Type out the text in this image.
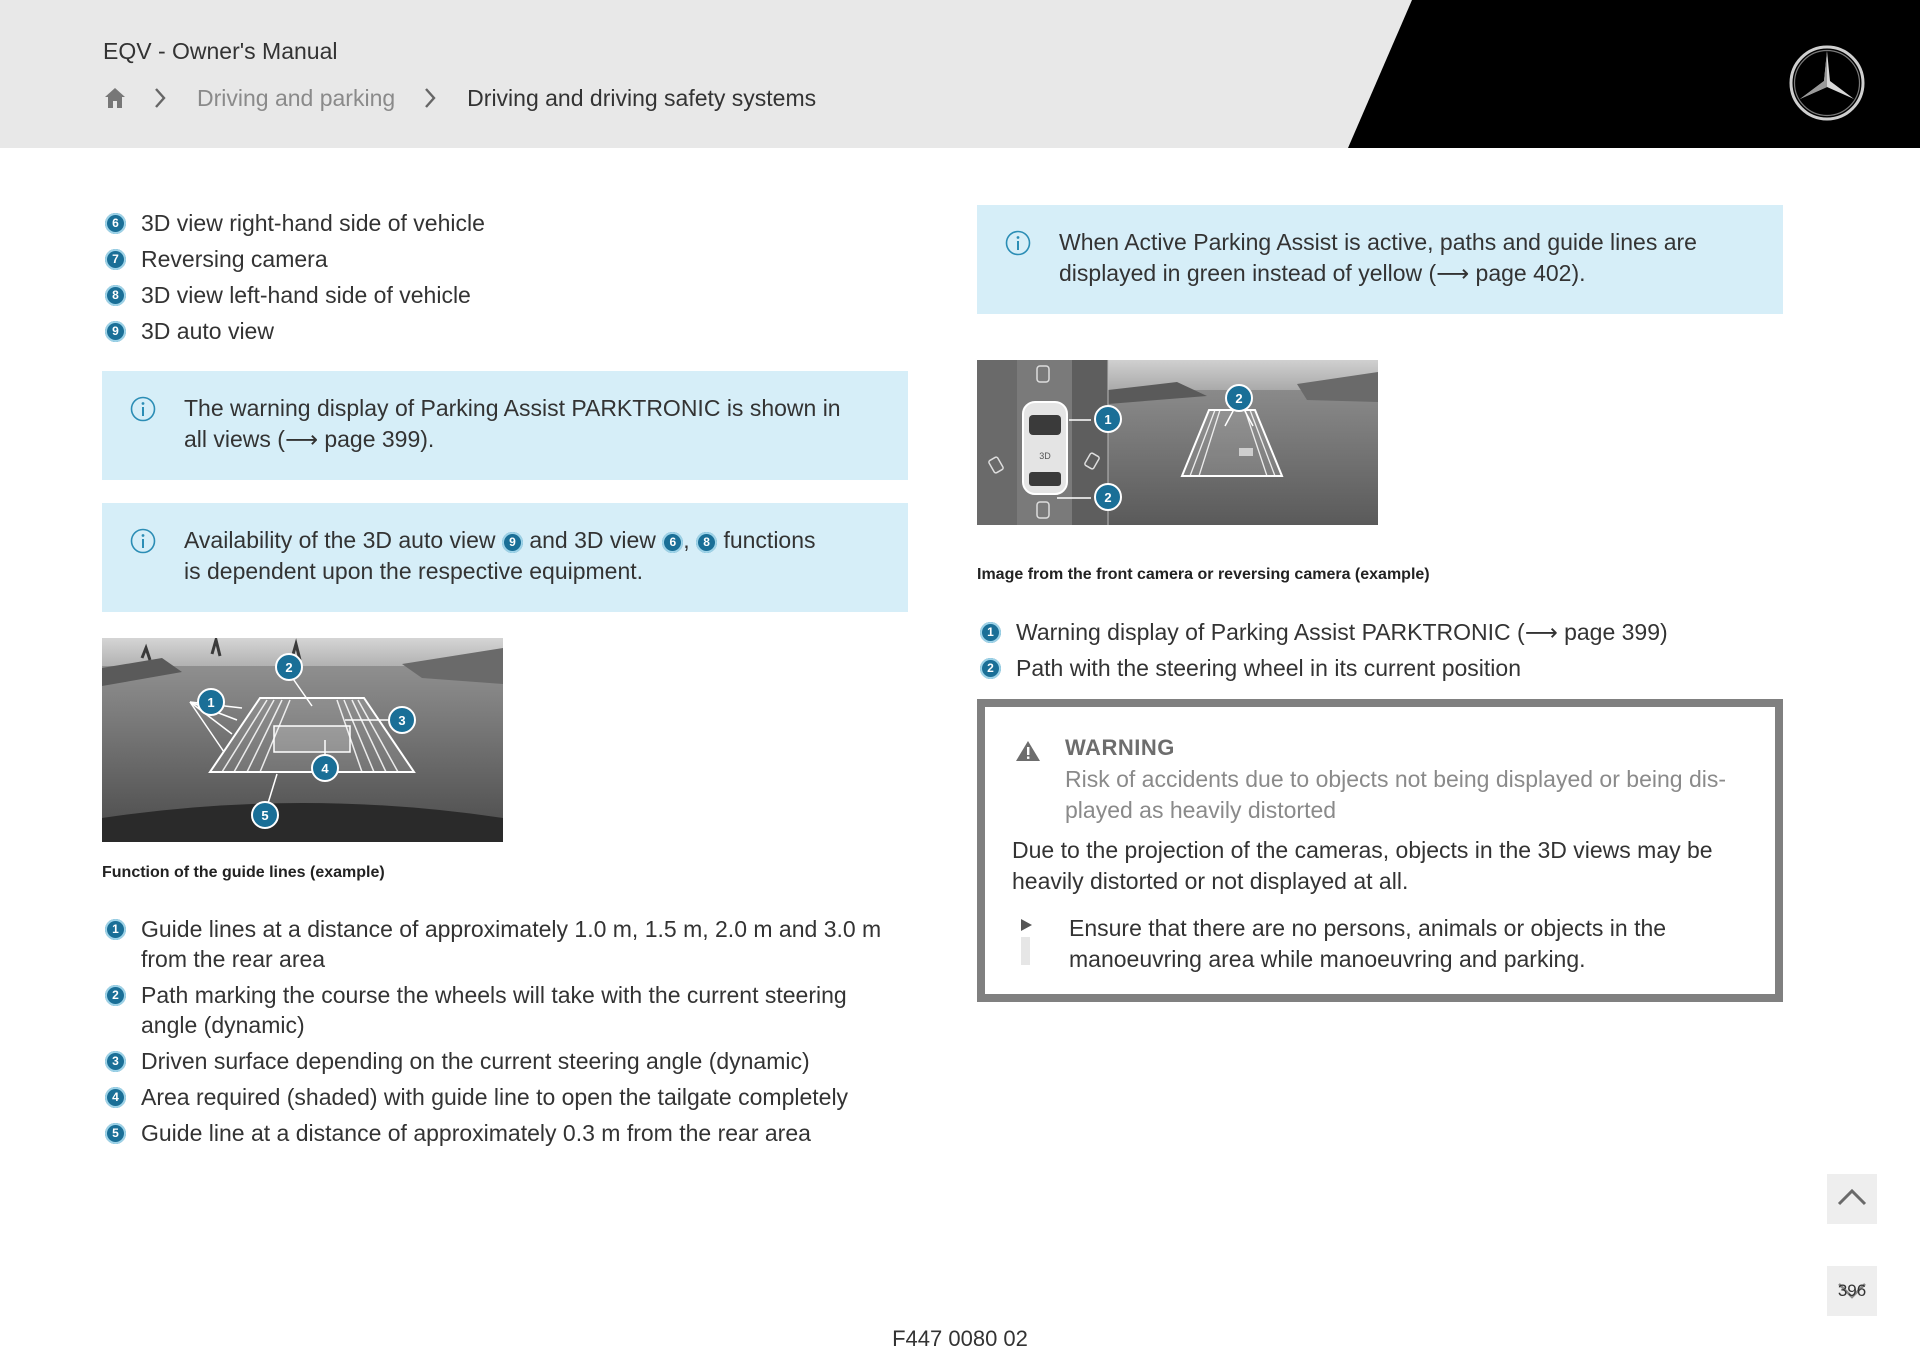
EQV - Owner's Manual
Driving and parking	Driving and driving safety systems
6 3D view right-hand side of vehicle
7 Reversing camera
8 3D view left-hand side of vehicle
9 3D auto view
The warning display of Parking Assist PARKTRONIC is shown in
all views (⟶ page 399).
Availability of the 3D auto view 9 and 3D view 6 , 8 functions
is dependent upon the respective equipment.
1
2
3
4
5
Function of the guide lines (example)
1 Guide lines at a distance of approximately 1.0 m, 1.5 m, 2.0 m and 3.0 m from the rear area
2 Path marking the course the wheels will take with the current steering angle (dynamic)
3 Driven surface depending on the current steering angle (dynamic)
4 Area required (shaded) with guide line to open the tailgate completely
5 Guide line at a distance of approximately 0.3 m from the rear area
When Active Parking Assist is active, paths and guide lines are
displayed in green instead of yellow (⟶ page 402).
3D
1
2
2
Image from the front camera or reversing camera (example)
1 Warning display of Parking Assist PARKTRONIC (⟶ page 399)
2 Path with the steering wheel in its current position
WARNING
Risk of accidents due to objects not being displayed or being displayed as heavily distorted
Due to the projection of the cameras, objects in the 3D views may be heavily distorted or not displayed at all.
Ensure that there are no persons, animals or objects in the manoeuvring area while manoeuvring and parking.
F447 0080 02
396
